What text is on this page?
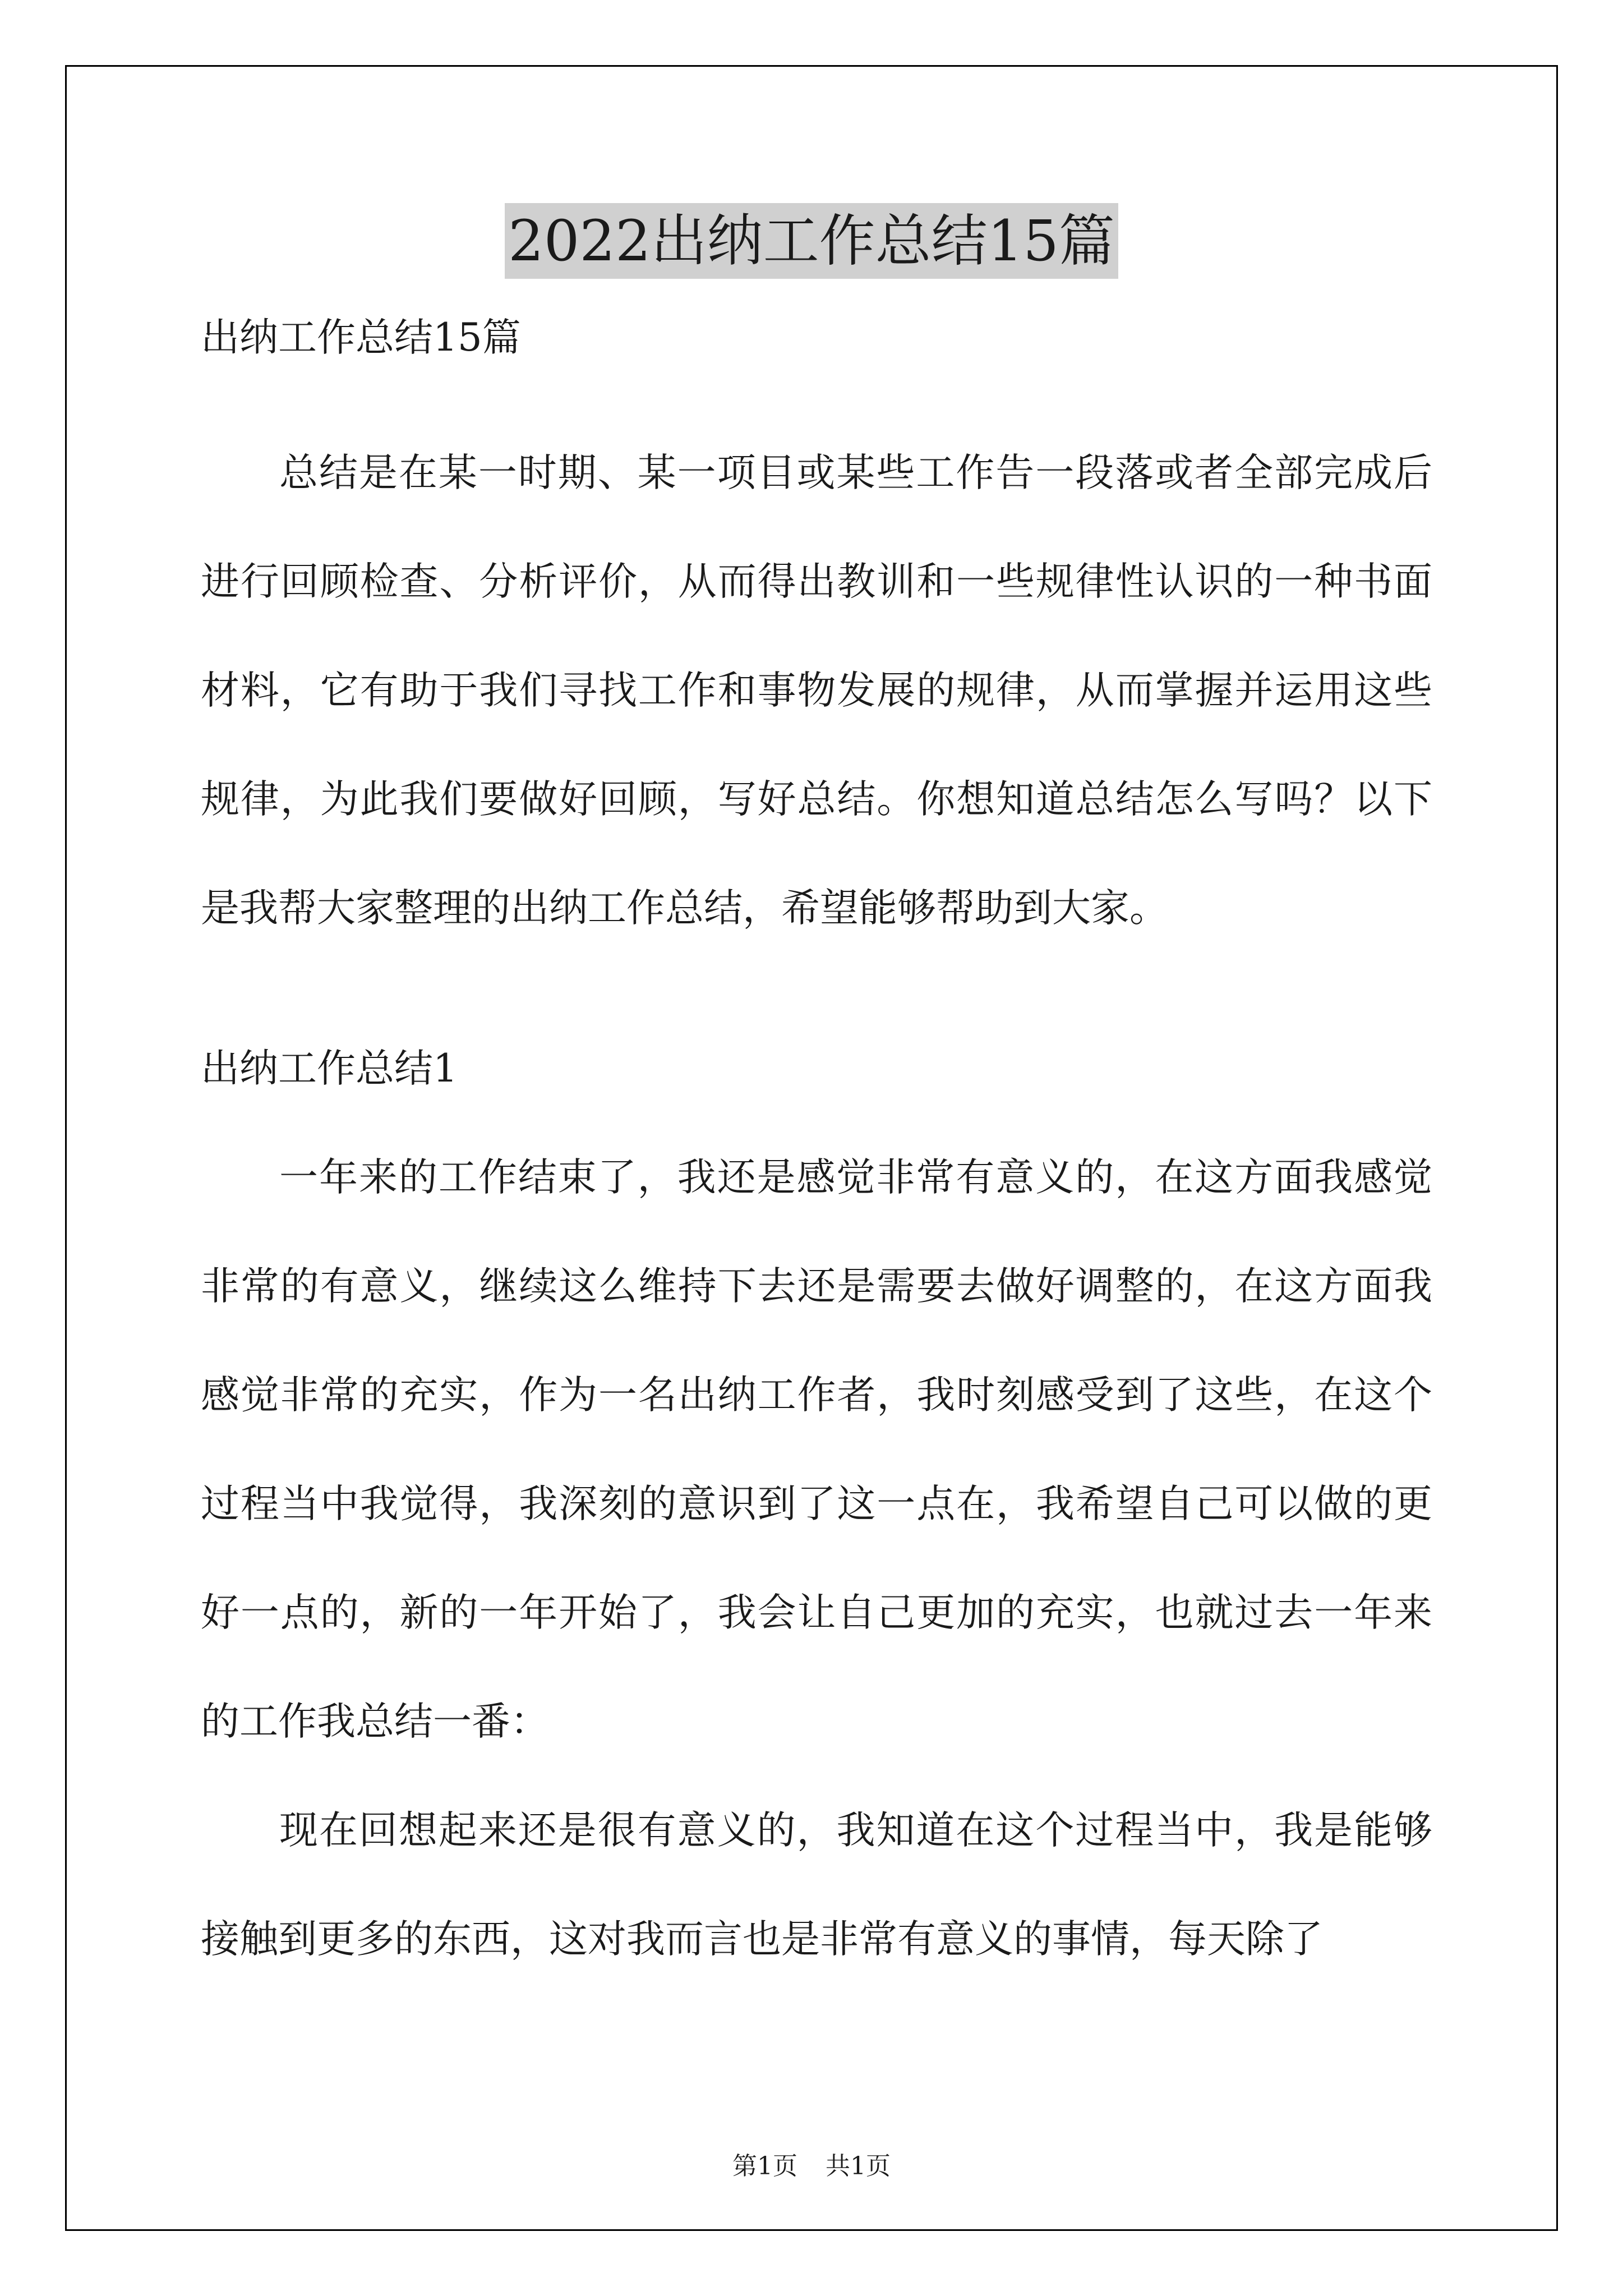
2022出纳工作总结15篇

出纳工作总结15篇

总结是在某一时期、某一项目或某些工作告一段落或者全部完成后进行回顾检查、分析评价，从而得出教训和一些规律性认识的一种书面材料，它有助于我们寻找工作和事物发展的规律，从而掌握并运用这些规律，为此我们要做好回顾，写好总结。你想知道总结怎么写吗？以下是我帮大家整理的出纳工作总结，希望能够帮助到大家。

出纳工作总结1

一年来的工作结束了，我还是感觉非常有意义的，在这方面我感觉非常的有意义，继续这么维持下去还是需要去做好调整的，在这方面我感觉非常的充实，作为一名出纳工作者，我时刻感受到了这些，在这个过程当中我觉得，我深刻的意识到了这一点在，我希望自己可以做的更好一点的，新的一年开始了，我会让自己更加的充实，也就过去一年来的工作我总结一番：

现在回想起来还是很有意义的，我知道在这个过程当中，我是能够接触到更多的东西，这对我而言也是非常有意义的事情，每天除了

第1页 共1页
